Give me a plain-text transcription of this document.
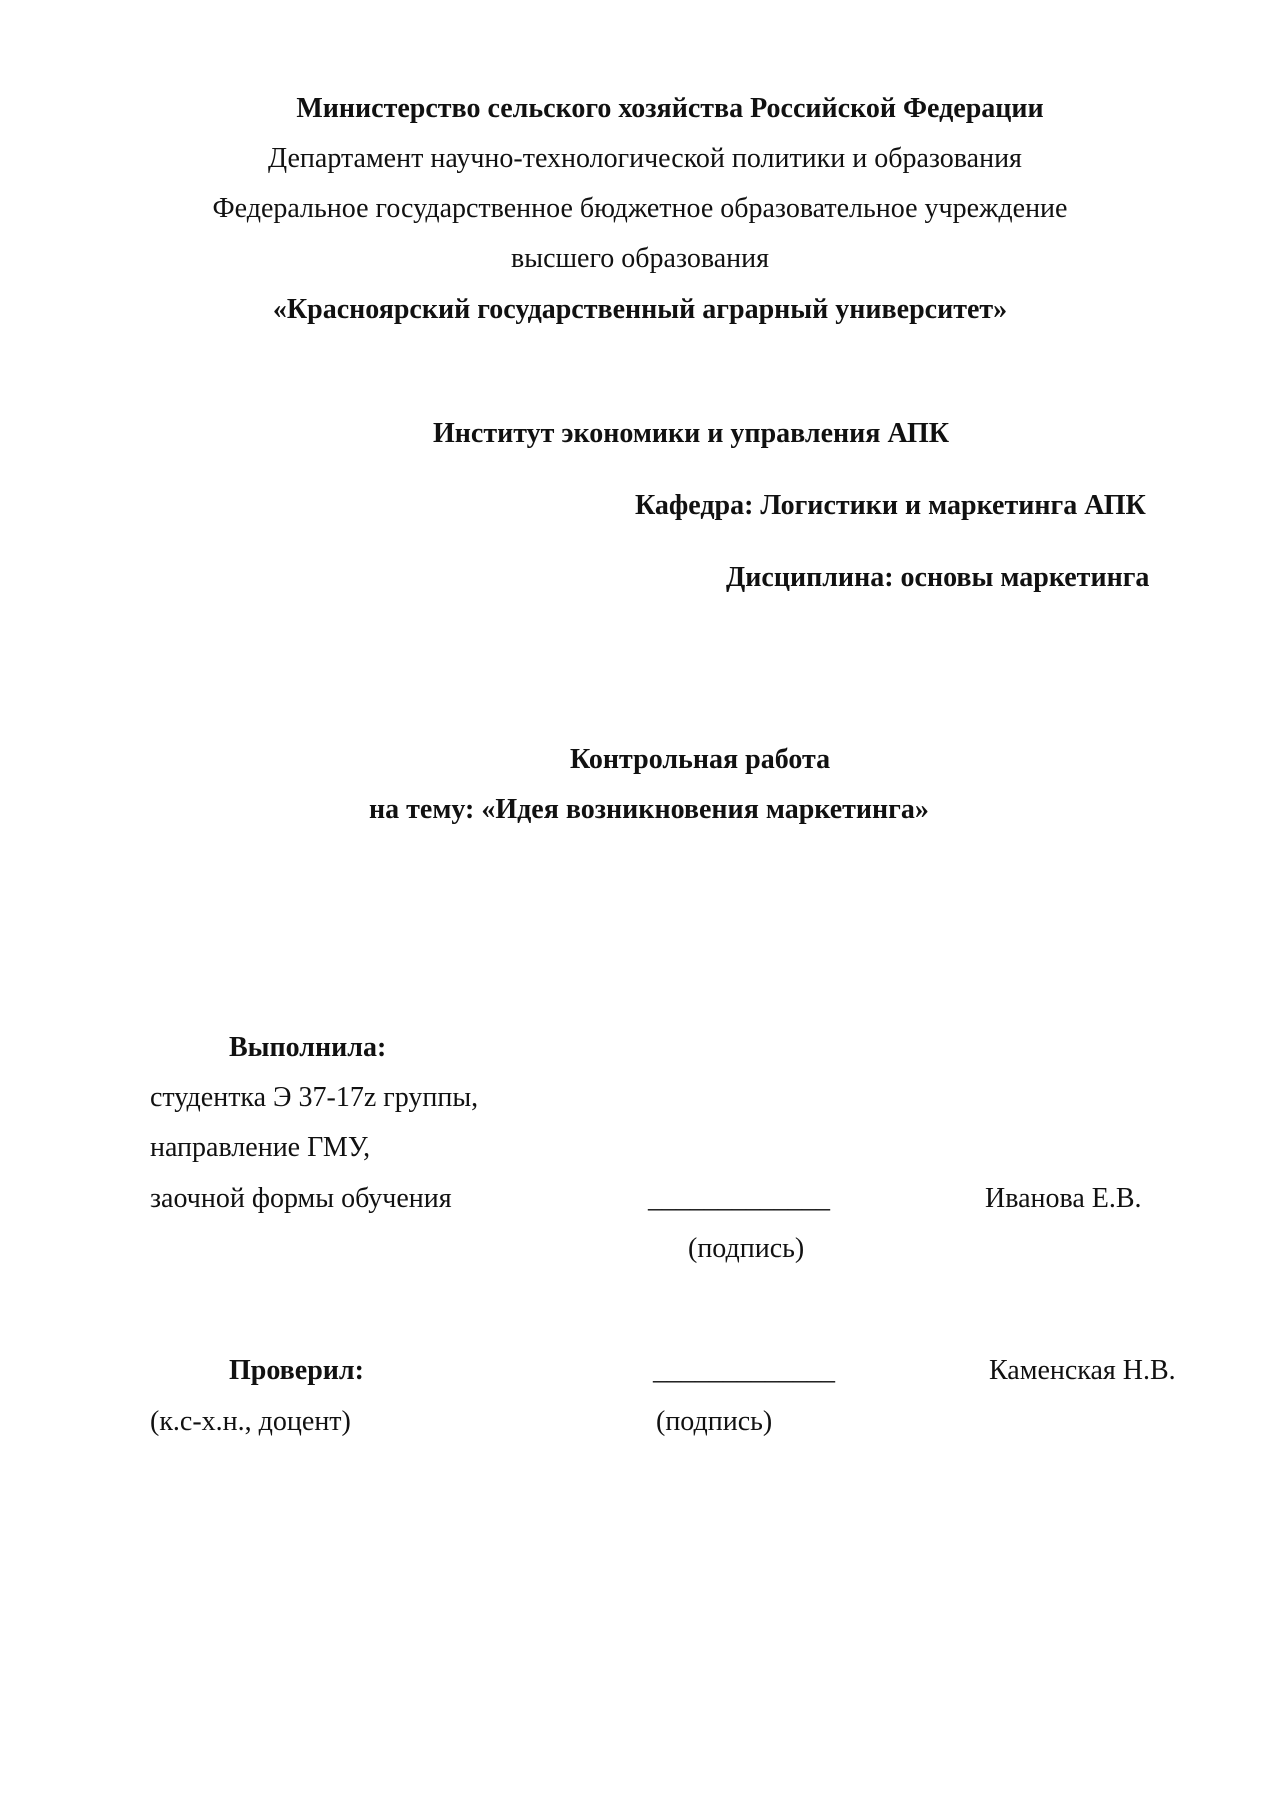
Министерство сельского хозяйства Российской Федерации
Департамент научно-технологической политики и образования
Федеральное государственное бюджетное образовательное учреждение
высшего образования
«Красноярский государственный аграрный университет»
Институт экономики и управления АПК
Кафедра: Логистики и маркетинга АПК
Дисциплина: основы маркетинга
Контрольная работа
на тему: «Идея возникновения маркетинга»
Выполнила:
студентка Э 37-17z группы,
направление ГМУ,
заочной формы обучения	_____________	Иванова Е.В.
(подпись)
Проверил:	_____________	Каменская Н.В.
(к.с-х.н., доцент)	(подпись)
